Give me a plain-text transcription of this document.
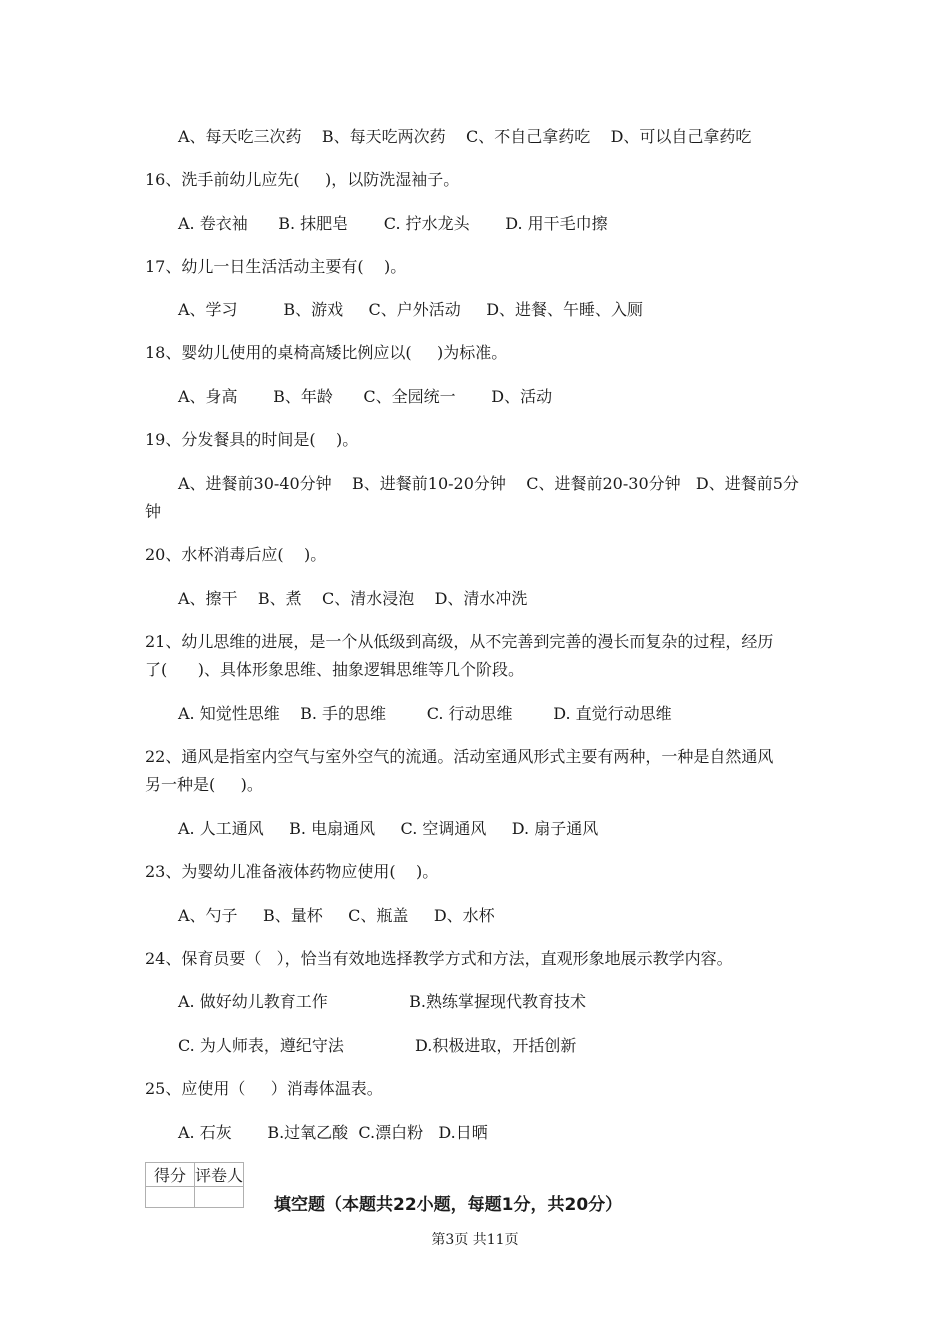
A、每天吃三次药    B、每天吃两次药    C、不自己拿药吃    D、可以自己拿药吃
16、洗手前幼儿应先(     )，以防洗湿袖子。
A. 卷衣袖      B. 抹肥皂       C. 拧水龙头       D. 用干毛巾擦
17、幼儿一日生活活动主要有(    )。
A、学习         B、游戏     C、户外活动     D、进餐、午睡、入厕
18、婴幼儿使用的桌椅高矮比例应以(     )为标准。
A、身高       B、年龄      C、全园统一       D、活动
19、分发餐具的时间是(    )。
A、进餐前30-40分钟    B、进餐前10-20分钟    C、进餐前20-30分钟   D、进餐前5分
钟
20、水杯消毒后应(    )。
A、擦干    B、煮    C、清水浸泡    D、清水冲洗
21、幼儿思维的进展，是一个从低级到高级，从不完善到完善的漫长而复杂的过程，经历
了(      )、具体形象思维、抽象逻辑思维等几个阶段。
A. 知觉性思维    B. 手的思维        C. 行动思维        D. 直觉行动思维
22、通风是指室内空气与室外空气的流通。活动室通风形式主要有两种，一种是自然通风
另一种是(     )。
A. 人工通风     B. 电扇通风     C. 空调通风     D. 扇子通风
23、为婴幼儿准备液体药物应使用(    )。
A、勺子     B、量杯     C、瓶盖     D、水杯
24、保育员要（   ），恰当有效地选择教学方式和方法，直观形象地展示教学内容。
A. 做好幼儿教育工作                B.熟练掌握现代教育技术
C. 为人师表，遵纪守法              D.积极进取，开括创新
25、应使用（     ）消毒体温表。
A. 石灰       B.过氧乙酸  C.漂白粉   D.日晒
得分	评卷人

填空题（本题共22小题，每题1分，共20分）
第3页 共11页
